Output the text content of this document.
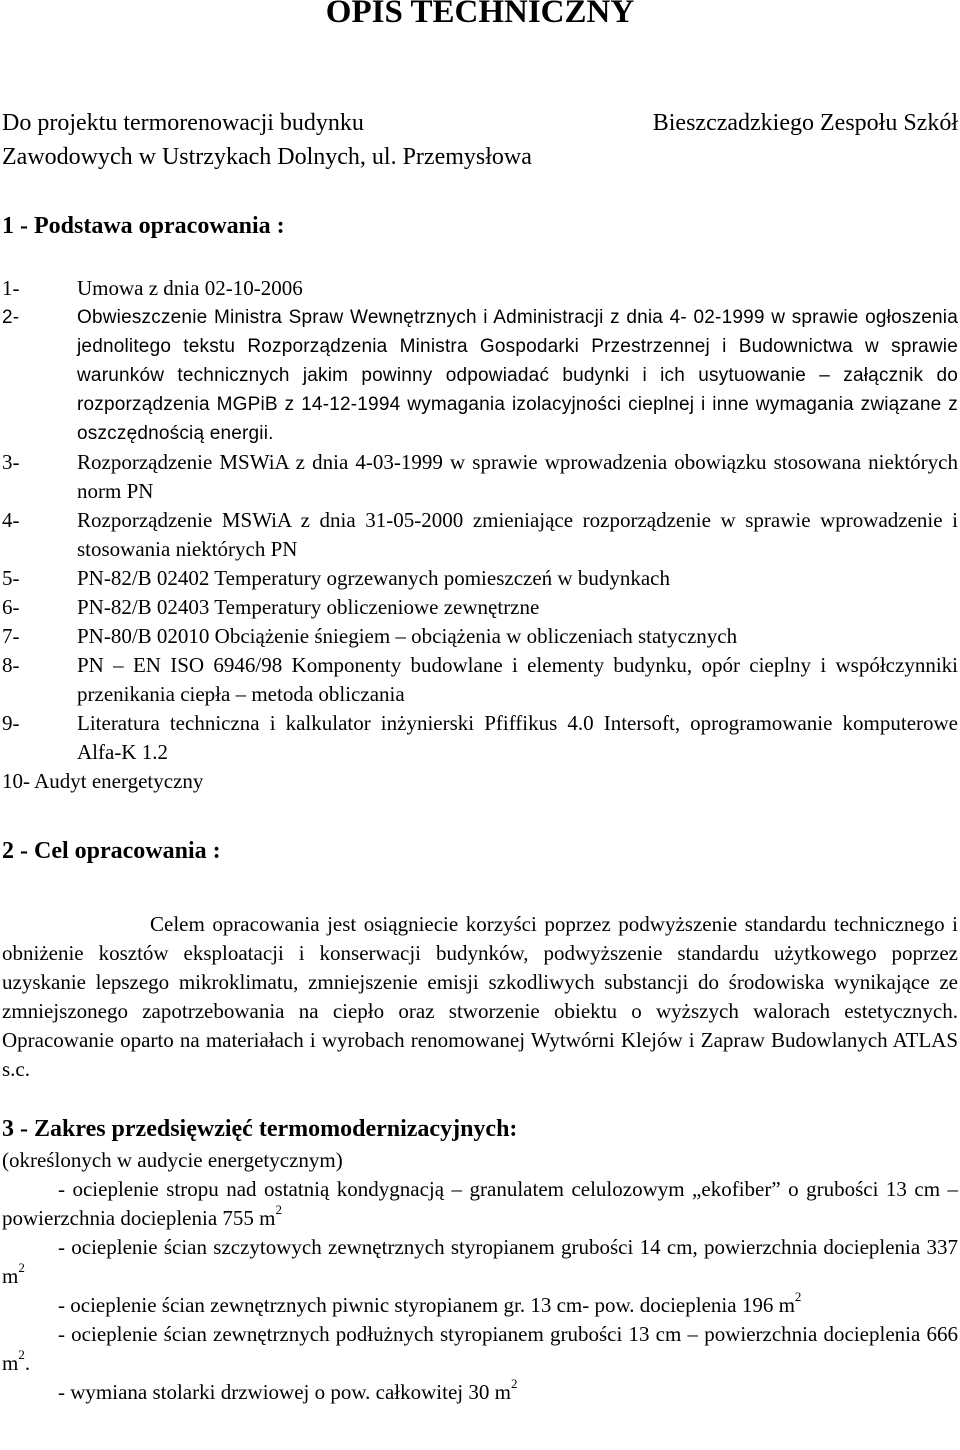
OPIS TECHNICZNY
Do projektu termorenowacji budynku	Bieszczadzkiego Zespołu Szkół
Zawodowych w Ustrzykach Dolnych, ul. Przemysłowa
1 - Podstawa opracowania :
1-	Umowa z dnia 02-10-2006
2-	Obwieszczenie Ministra Spraw Wewnętrznych i Administracji z dnia 4- 02-1999 w sprawie ogłoszenia jednolitego tekstu Rozporządzenia Ministra Gospodarki Przestrzennej i Budownictwa w sprawie warunków technicznych jakim powinny odpowiadać budynki i ich usytuowanie – załącznik do rozporządzenia MGPiB z 14-12-1994 wymagania izolacyjności cieplnej i inne wymagania związane z oszczędnością energii.
3-	Rozporządzenie MSWiA z dnia 4-03-1999 w sprawie wprowadzenia obowiązku stosowana niektórych norm PN
4-	Rozporządzenie MSWiA z dnia 31-05-2000 zmieniające rozporządzenie w sprawie wprowadzenie i stosowania niektórych PN
5-	PN-82/B 02402 Temperatury ogrzewanych pomieszczeń w budynkach
6-	PN-82/B 02403 Temperatury obliczeniowe zewnętrzne
7-	PN-80/B 02010 Obciążenie śniegiem – obciążenia w obliczeniach statycznych
8-	PN – EN ISO 6946/98 Komponenty budowlane i elementy budynku, opór cieplny i współczynniki przenikania ciepła – metoda obliczania
9-	Literatura techniczna i kalkulator inżynierski Pfiffikus 4.0 Intersoft, oprogramowanie komputerowe Alfa-K 1.2
10- Audyt energetyczny
2 - Cel opracowania :

Celem opracowania jest osiągniecie korzyści poprzez podwyższenie standardu technicznego i obniżenie kosztów eksploatacji i konserwacji budynków, podwyższenie standardu użytkowego poprzez uzyskanie lepszego mikroklimatu, zmniejszenie emisji szkodliwych substancji do środowiska wynikające ze zmniejszonego zapotrzebowania na ciepło oraz stworzenie obiektu o wyższych walorach estetycznych. Opracowanie oparto na materiałach i wyrobach renomowanej Wytwórni Klejów i Zapraw Budowlanych ATLAS s.c.

3 - Zakres przedsięwzięć termomodernizacyjnych:

(określonych w audycie energetycznym)

- ocieplenie stropu nad ostatnią kondygnacją – granulatem celulozowym „ekofiber” o grubości 13 cm – powierzchnia docieplenia 755 $m^2$

- ocieplenie ścian szczytowych zewnętrznych styropianem grubości 14 cm, powierzchnia docieplenia 337 $m^2$

- ocieplenie ścian zewnętrznych piwnic styropianem gr. 13 cm- pow. docieplenia 196 $m^2$

- ocieplenie ścian zewnętrznych podłużnych styropianem grubości 13 cm – powierzchnia docieplenia 666 $m^2$.

- wymiana stolarki drzwiowej o pow. całkowitej 30 $m^2$
